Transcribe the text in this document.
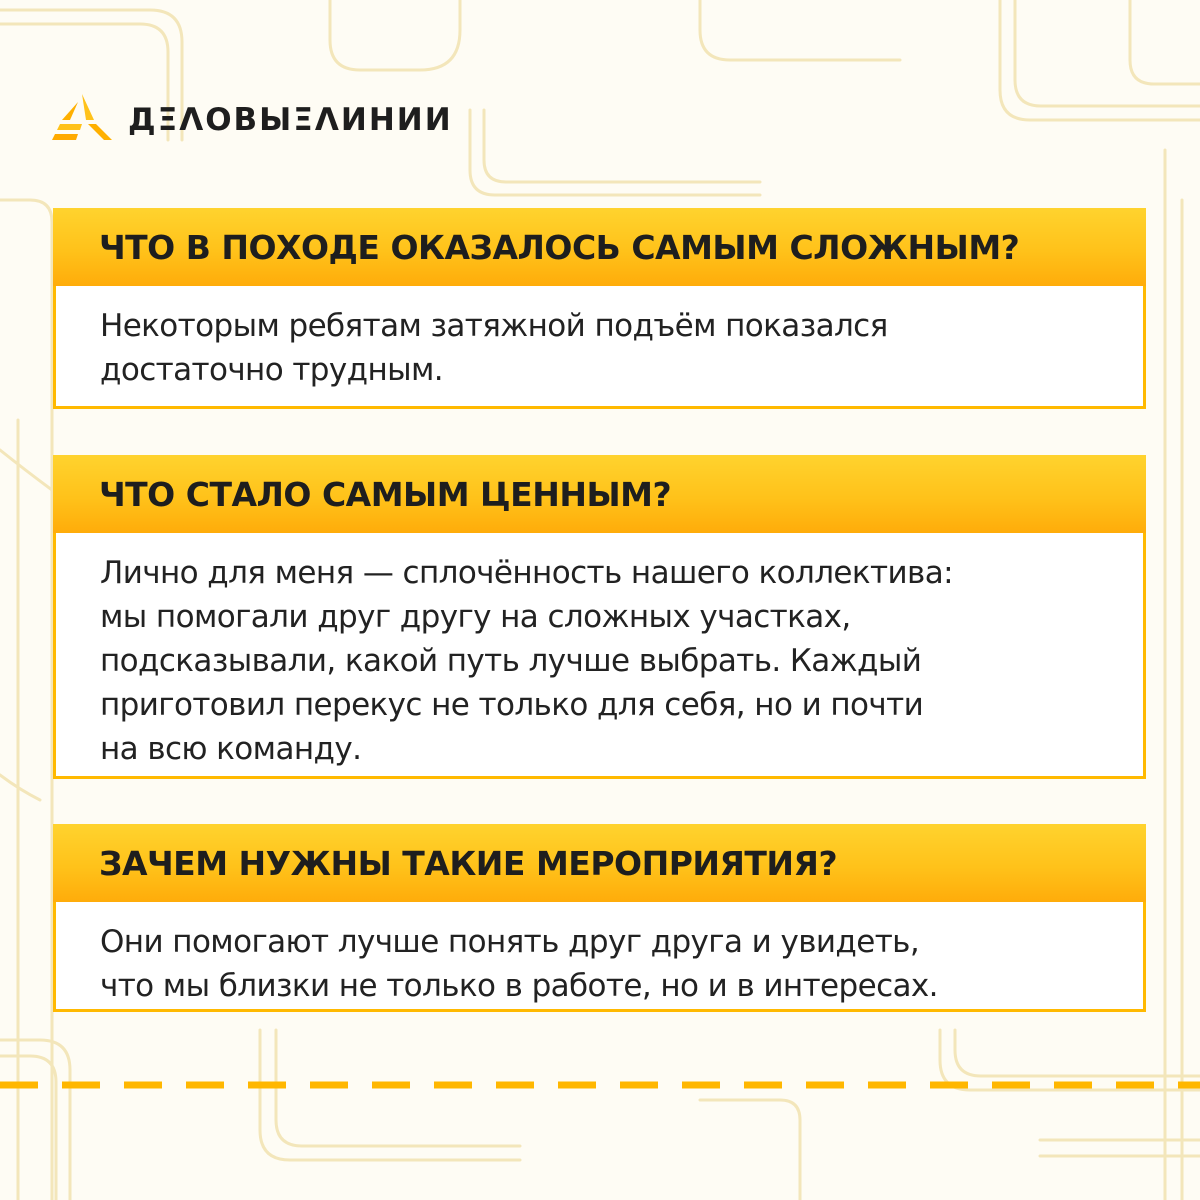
ДΞΛΟΒЫΞΛИНИИ
ЧТО В ПОХОДЕ ОКАЗАЛОСЬ САМЫМ СЛОЖНЫМ?

Некоторым ребятам затяжной подъём показался
достаточно трудным.

ЧТО СТАЛО САМЫМ ЦЕННЫМ?

Лично для меня — сплочённость нашего коллектива:
мы помогали друг другу на сложных участках,
подсказывали, какой путь лучше выбрать. Каждый
приготовил перекус не только для себя, но и почти
на всю команду.

ЗАЧЕМ НУЖНЫ ТАКИЕ МЕРОПРИЯТИЯ?

Они помогают лучше понять друг друга и увидеть,
что мы близки не только в работе, но и в интересах.
